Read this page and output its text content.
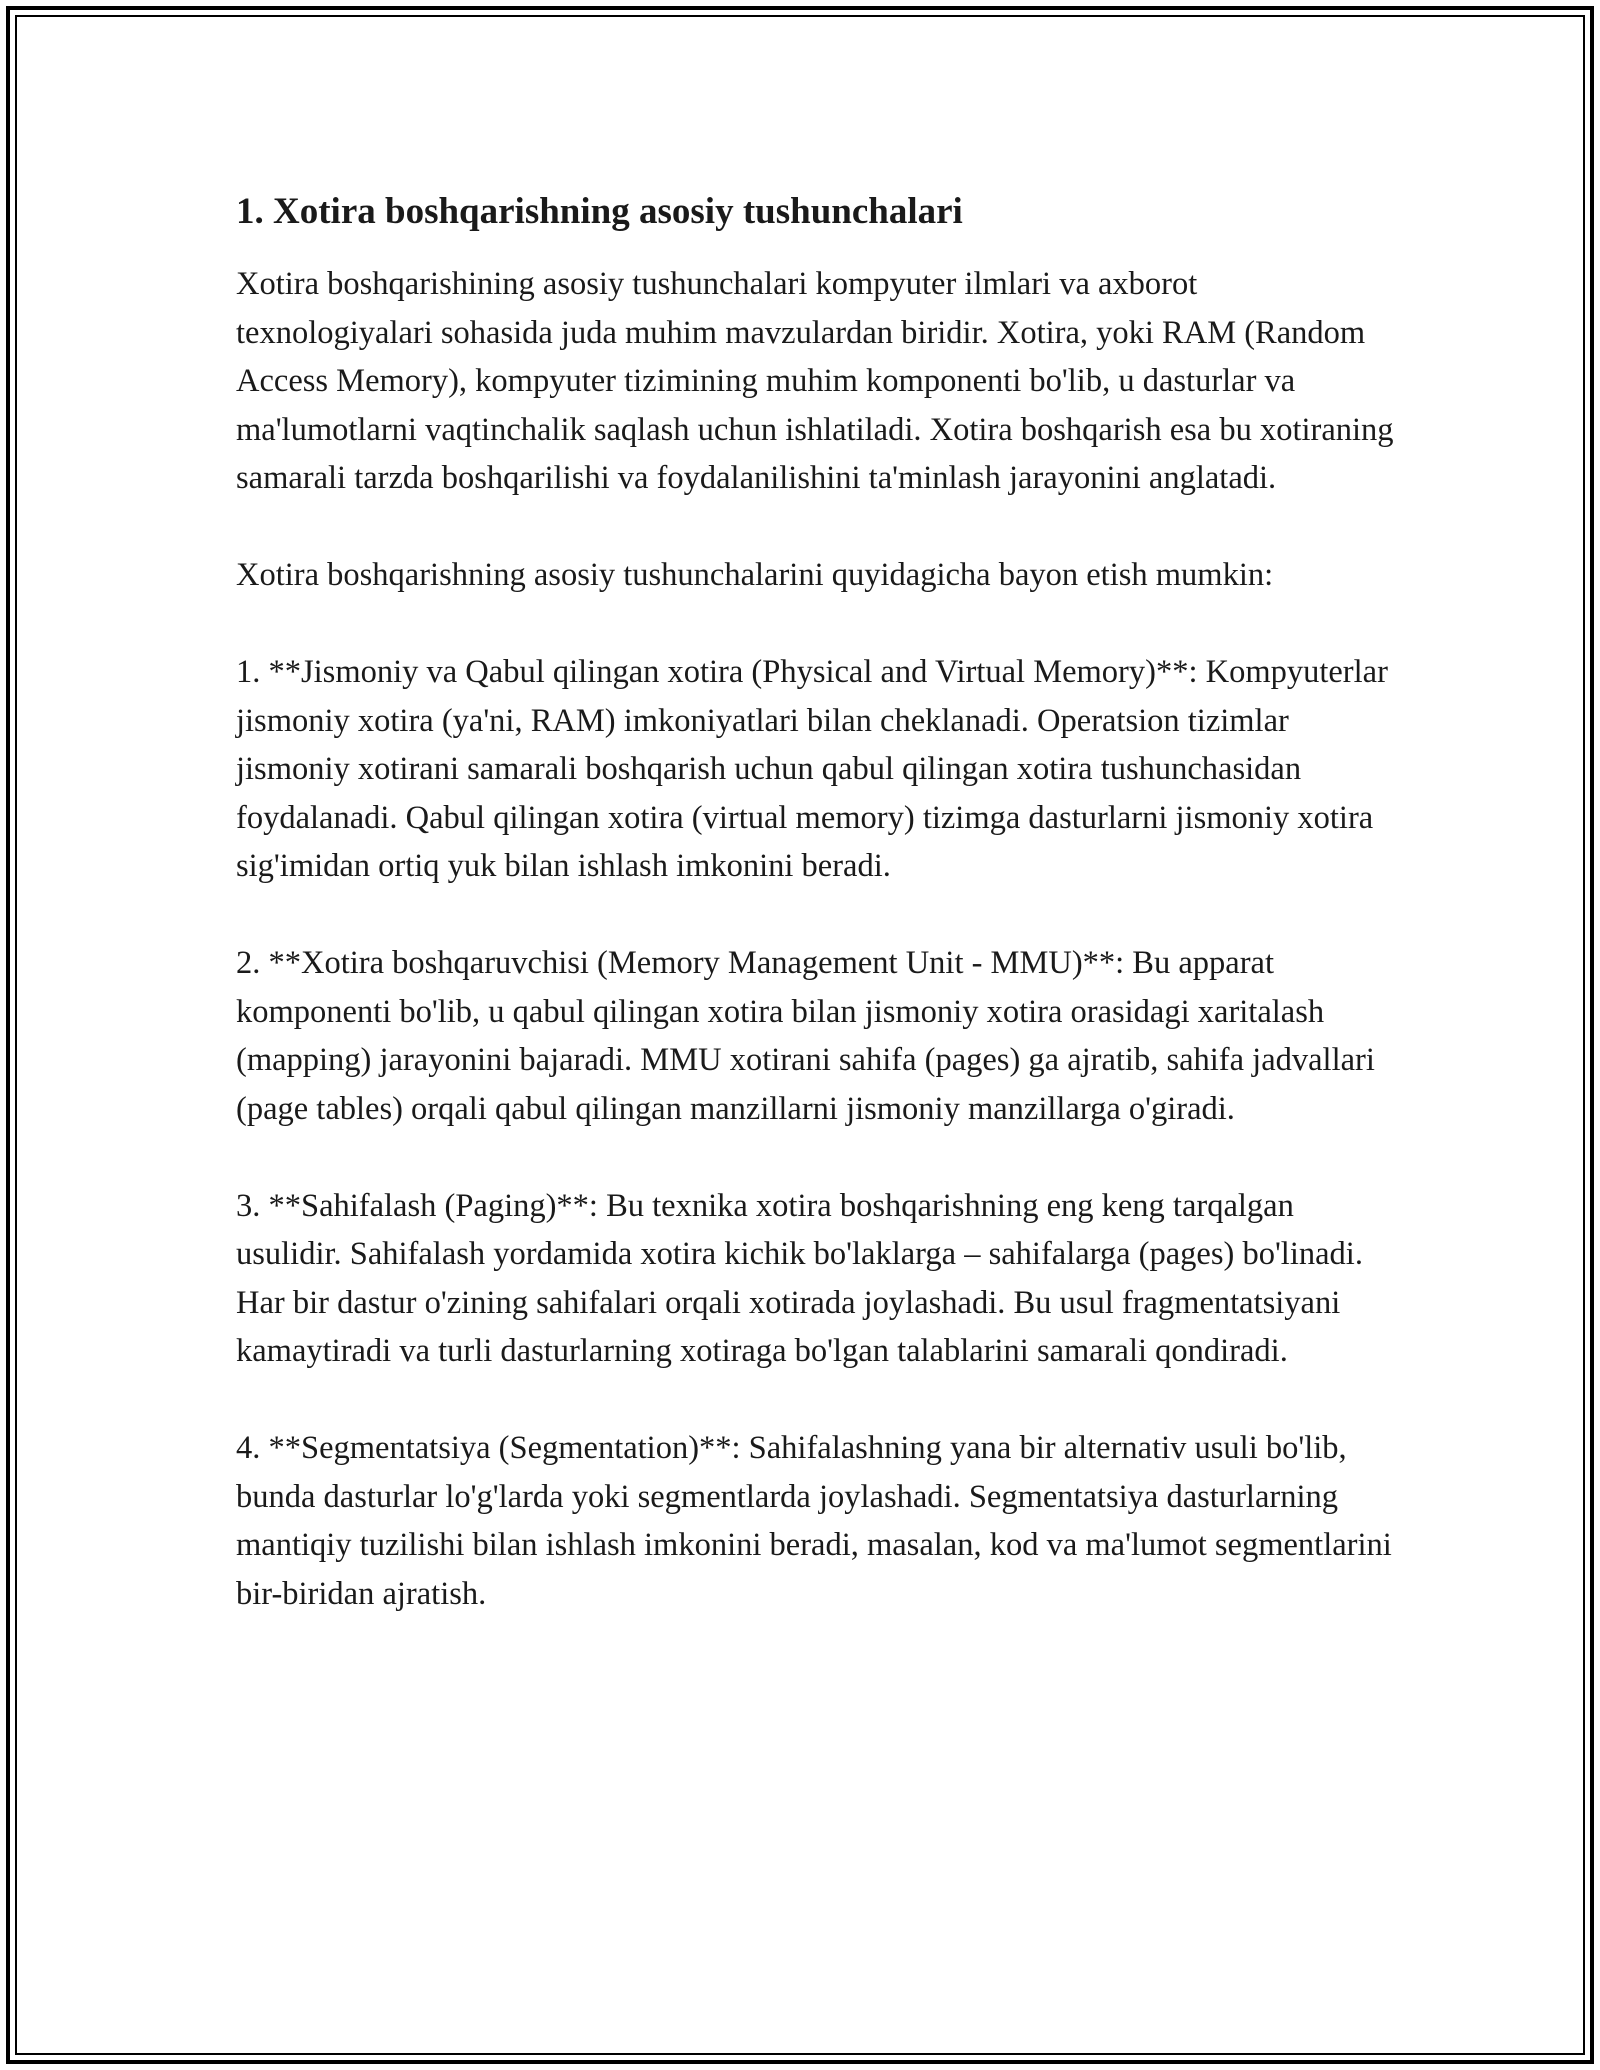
1. Xotira boshqarishning asosiy tushunchalari

Xotira boshqarishining asosiy tushunchalari kompyuter ilmlari va axborot texnologiyalari sohasida juda muhim mavzulardan biridir. Xotira, yoki RAM (Random Access Memory), kompyuter tizimining muhim komponenti bo'lib, u dasturlar va ma'lumotlarni vaqtinchalik saqlash uchun ishlatiladi. Xotira boshqarish esa bu xotiraning samarali tarzda boshqarilishi va foydalanilishini ta'minlash jarayonini anglatadi.

Xotira boshqarishning asosiy tushunchalarini quyidagicha bayon etish mumkin:

1. **Jismoniy va Qabul qilingan xotira (Physical and Virtual Memory)**: Kompyuterlar jismoniy xotira (ya'ni, RAM) imkoniyatlari bilan cheklanadi. Operatsion tizimlar jismoniy xotirani samarali boshqarish uchun qabul qilingan xotira tushunchasidan foydalanadi. Qabul qilingan xotira (virtual memory) tizimga dasturlarni jismoniy xotira sig'imidan ortiq yuk bilan ishlash imkonini beradi.

2. **Xotira boshqaruvchisi (Memory Management Unit - MMU)**: Bu apparat komponenti bo'lib, u qabul qilingan xotira bilan jismoniy xotira orasidagi xaritalash (mapping) jarayonini bajaradi. MMU xotirani sahifa (pages) ga ajratib, sahifa jadvallari (page tables) orqali qabul qilingan manzillarni jismoniy manzillarga o'giradi.

3. **Sahifalash (Paging)**: Bu texnika xotira boshqarishning eng keng tarqalgan usulidir. Sahifalash yordamida xotira kichik bo'laklarga – sahifalarga (pages) bo'linadi. Har bir dastur o'zining sahifalari orqali xotirada joylashadi. Bu usul fragmentatsiyani kamaytiradi va turli dasturlarning xotiraga bo'lgan talablarini samarali qondiradi.

4. **Segmentatsiya (Segmentation)**: Sahifalashning yana bir alternativ usuli bo'lib, bunda dasturlar lo'g'larda yoki segmentlarda joylashadi. Segmentatsiya dasturlarning mantiqiy tuzilishi bilan ishlash imkonini beradi, masalan, kod va ma'lumot segmentlarini bir-biridan ajratish.
